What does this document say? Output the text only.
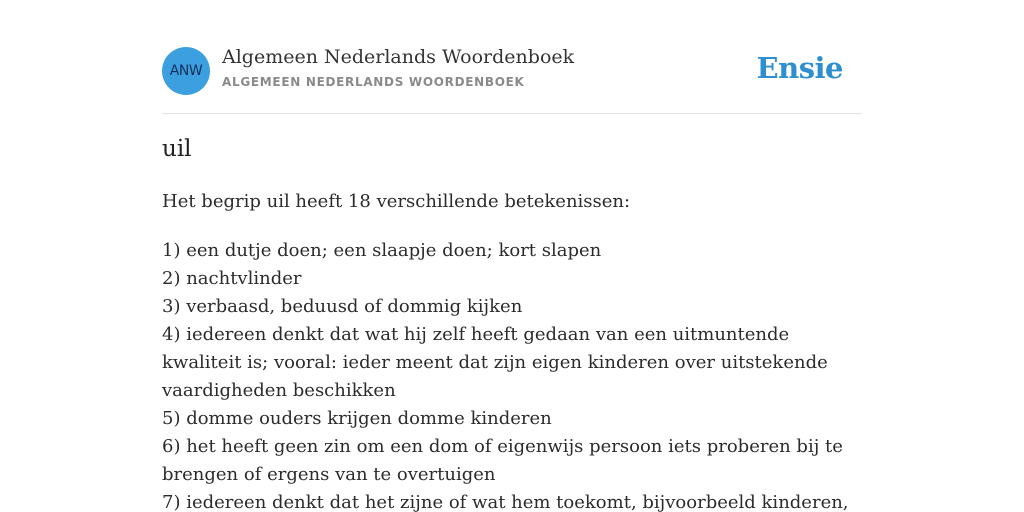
ANW
Algemeen Nederlands Woordenboek
ALGEMEEN NEDERLANDS WOORDENBOEK	Ensie
uil
Het begrip uil heeft 18 verschillende betekenissen:
1) een dutje doen; een slaapje doen; kort slapen
2) nachtvlinder
3) verbaasd, beduusd of dommig kijken
4) iedereen denkt dat wat hij zelf heeft gedaan van een uitmuntende kwaliteit is; vooral: ieder meent dat zijn eigen kinderen over uitstekende vaardigheden beschikken
5) domme ouders krijgen domme kinderen
6) het heeft geen zin om een dom of eigenwijs persoon iets proberen bij te brengen of ergens van te overtuigen
7) iedereen denkt dat het zijne of wat hem toekomt, bijvoorbeeld kinderen,
